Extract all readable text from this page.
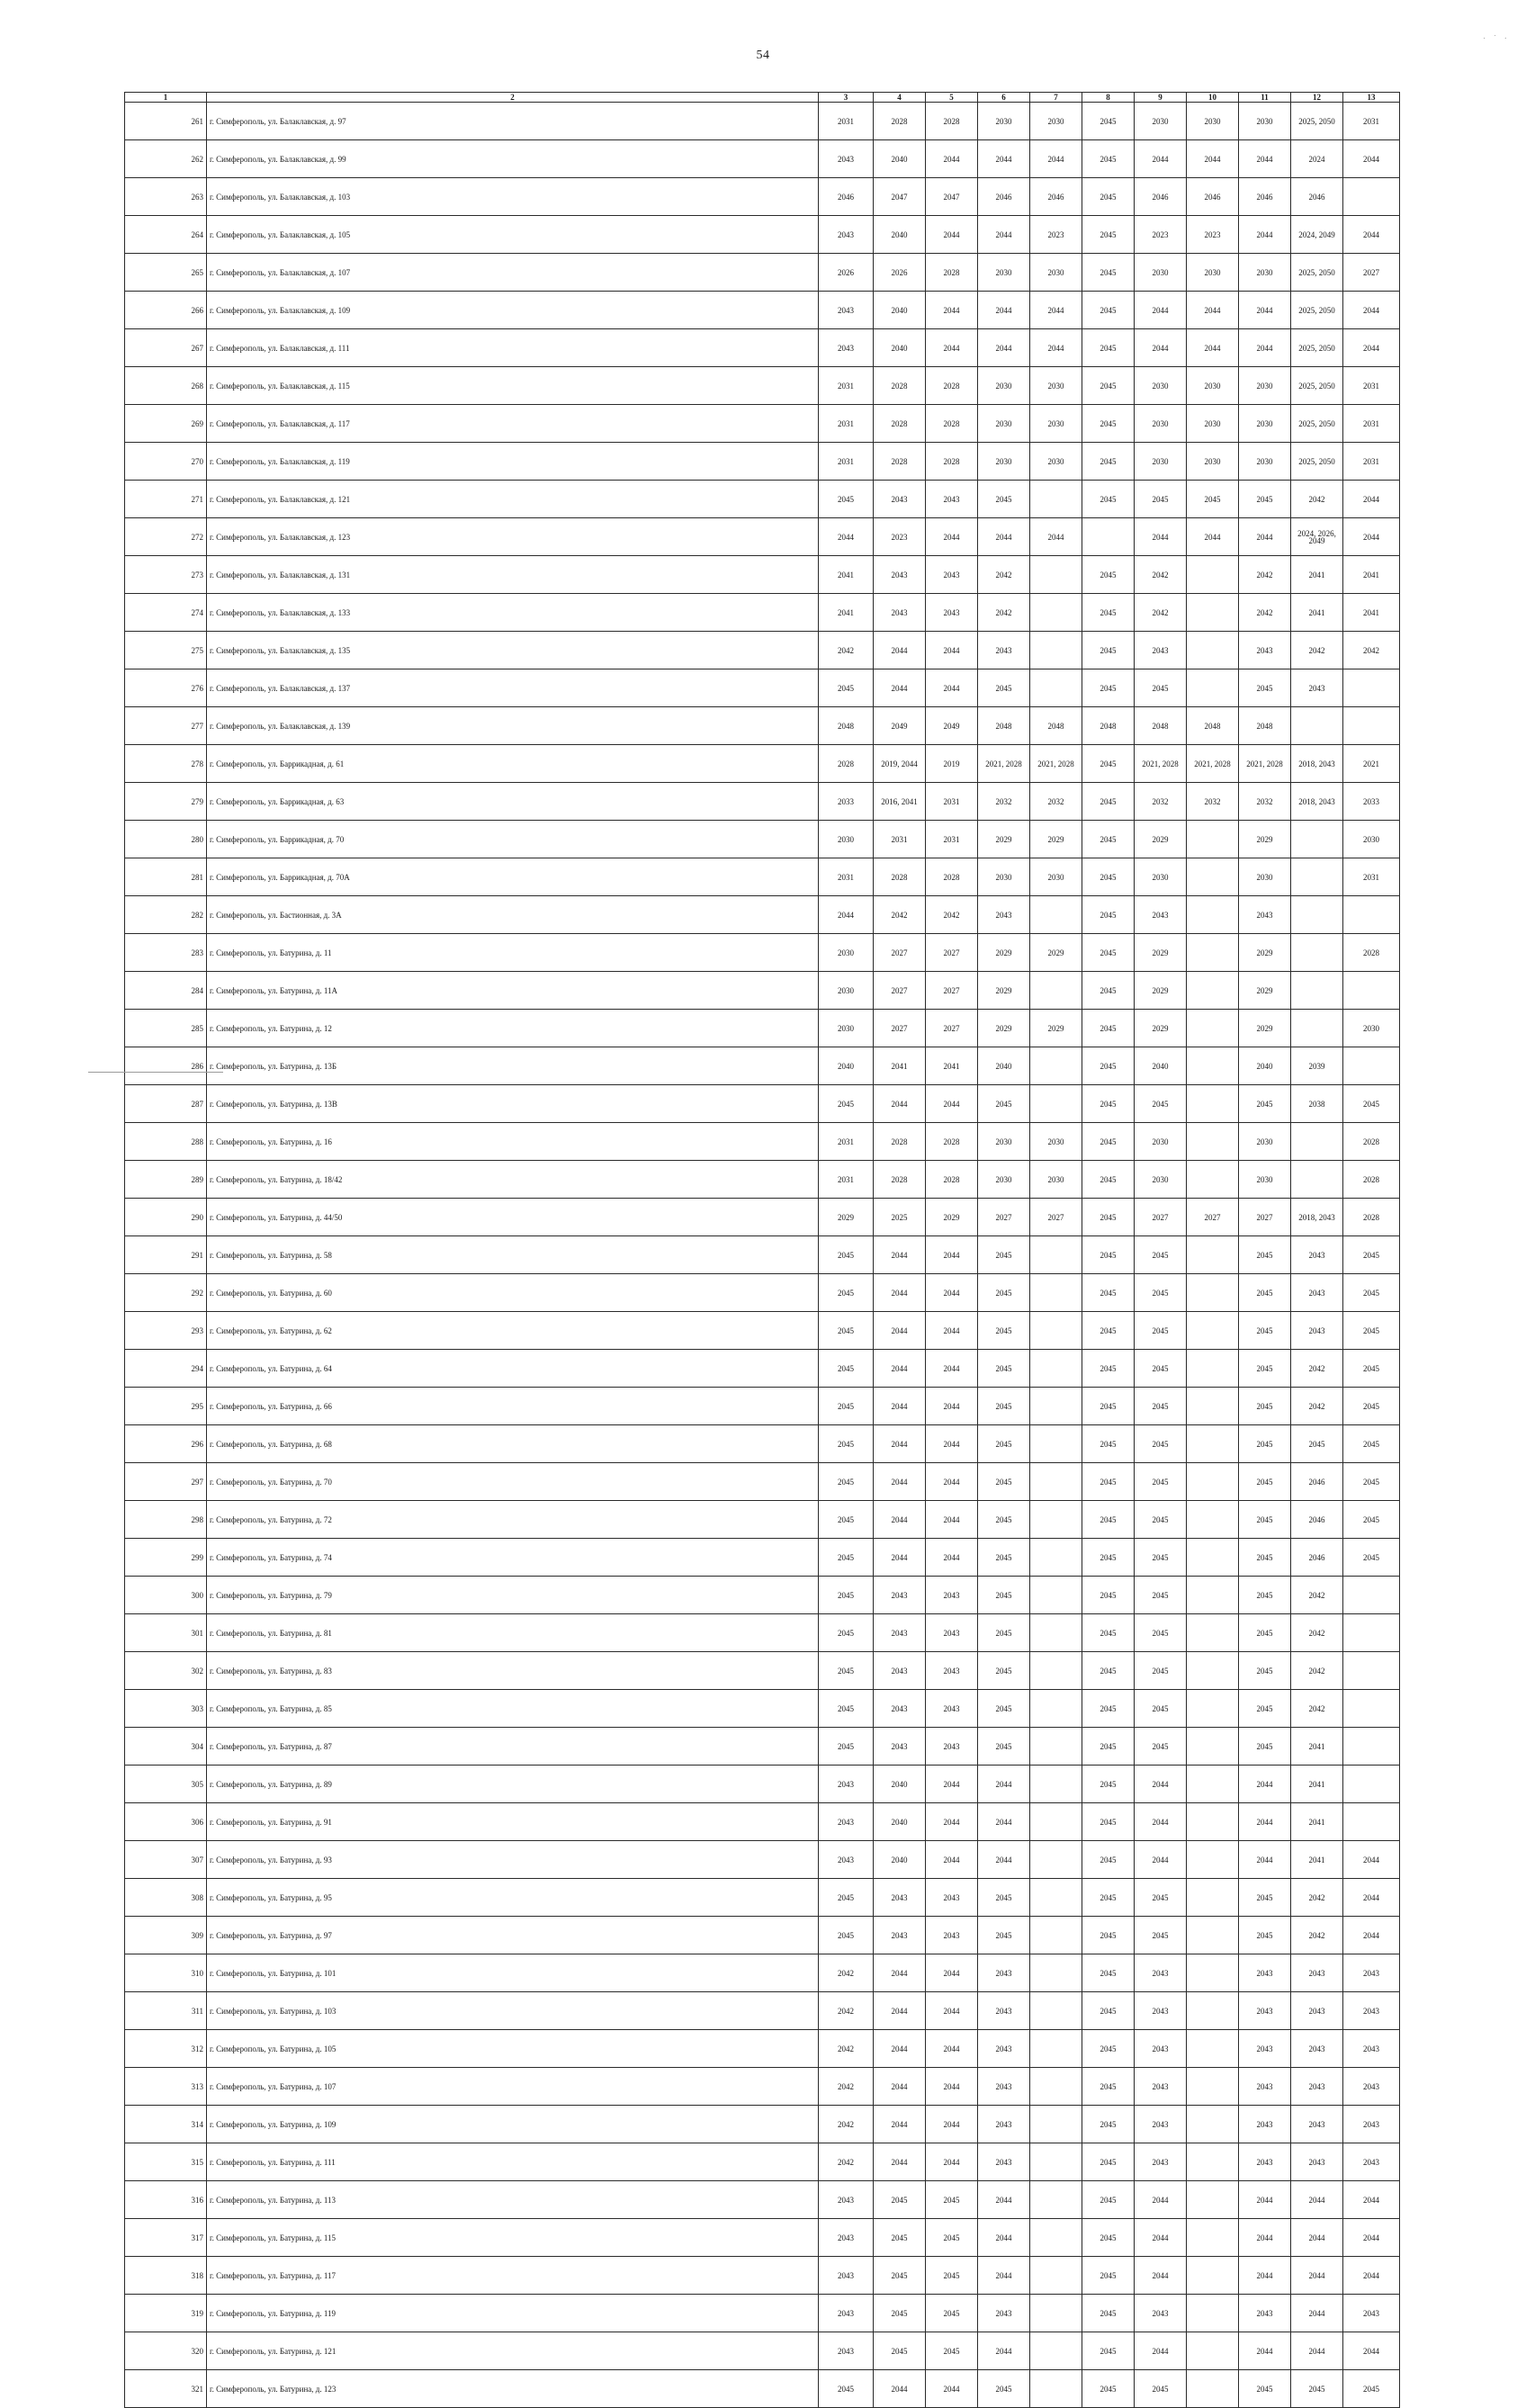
54
· ˙ ·
1	2	3	4	5	6	7	8	9	10	11	12	13
261	г. Симферополь, ул. Балаклавская, д. 97	2031	2028	2028	2030	2030	2045	2030	2030	2030	2025, 2050	2031
262	г. Симферополь, ул. Балаклавская, д. 99	2043	2040	2044	2044	2044	2045	2044	2044	2044	2024	2044
263	г. Симферополь, ул. Балаклавская, д. 103	2046	2047	2047	2046	2046	2045	2046	2046	2046	2046	
264	г. Симферополь, ул. Балаклавская, д. 105	2043	2040	2044	2044	2023	2045	2023	2023	2044	2024, 2049	2044
265	г. Симферополь, ул. Балаклавская, д. 107	2026	2026	2028	2030	2030	2045	2030	2030	2030	2025, 2050	2027
266	г. Симферополь, ул. Балаклавская, д. 109	2043	2040	2044	2044	2044	2045	2044	2044	2044	2025, 2050	2044
267	г. Симферополь, ул. Балаклавская, д. 111	2043	2040	2044	2044	2044	2045	2044	2044	2044	2025, 2050	2044
268	г. Симферополь, ул. Балаклавская, д. 115	2031	2028	2028	2030	2030	2045	2030	2030	2030	2025, 2050	2031
269	г. Симферополь, ул. Балаклавская, д. 117	2031	2028	2028	2030	2030	2045	2030	2030	2030	2025, 2050	2031
270	г. Симферополь, ул. Балаклавская, д. 119	2031	2028	2028	2030	2030	2045	2030	2030	2030	2025, 2050	2031
271	г. Симферополь, ул. Балаклавская, д. 121	2045	2043	2043	2045		2045	2045	2045	2045	2042	2044
272	г. Симферополь, ул. Балаклавская, д. 123	2044	2023	2044	2044	2044		2044	2044	2044	2024, 2026, 2049	2044
273	г. Симферополь, ул. Балаклавская, д. 131	2041	2043	2043	2042		2045	2042		2042	2041	2041
274	г. Симферополь, ул. Балаклавская, д. 133	2041	2043	2043	2042		2045	2042		2042	2041	2041
275	г. Симферополь, ул. Балаклавская, д. 135	2042	2044	2044	2043		2045	2043		2043	2042	2042
276	г. Симферополь, ул. Балаклавская, д. 137	2045	2044	2044	2045		2045	2045		2045	2043	
277	г. Симферополь, ул. Балаклавская, д. 139	2048	2049	2049	2048	2048	2048	2048	2048	2048		
278	г. Симферополь, ул. Баррикадная, д. 61	2028	2019, 2044	2019	2021, 2028	2021, 2028	2045	2021, 2028	2021, 2028	2021, 2028	2018, 2043	2021
279	г. Симферополь, ул. Баррикадная, д. 63	2033	2016, 2041	2031	2032	2032	2045	2032	2032	2032	2018, 2043	2033
280	г. Симферополь, ул. Баррикадная, д. 70	2030	2031	2031	2029	2029	2045	2029		2029		2030
281	г. Симферополь, ул. Баррикадная, д. 70А	2031	2028	2028	2030	2030	2045	2030		2030		2031
282	г. Симферополь, ул. Бастионная, д. 3А	2044	2042	2042	2043		2045	2043		2043		
283	г. Симферополь, ул. Батурина, д. 11	2030	2027	2027	2029	2029	2045	2029		2029		2028
284	г. Симферополь, ул. Батурина, д. 11А	2030	2027	2027	2029		2045	2029		2029		
285	г. Симферополь, ул. Батурина, д. 12	2030	2027	2027	2029	2029	2045	2029		2029		2030
286	г. Симферополь, ул. Батурина, д. 13Б	2040	2041	2041	2040		2045	2040		2040	2039	
287	г. Симферополь, ул. Батурина, д. 13В	2045	2044	2044	2045		2045	2045		2045	2038	2045
288	г. Симферополь, ул. Батурина, д. 16	2031	2028	2028	2030	2030	2045	2030		2030		2028
289	г. Симферополь, ул. Батурина, д. 18/42	2031	2028	2028	2030	2030	2045	2030		2030		2028
290	г. Симферополь, ул. Батурина, д. 44/50	2029	2025	2029	2027	2027	2045	2027	2027	2027	2018, 2043	2028
291	г. Симферополь, ул. Батурина, д. 58	2045	2044	2044	2045		2045	2045		2045	2043	2045
292	г. Симферополь, ул. Батурина, д. 60	2045	2044	2044	2045		2045	2045		2045	2043	2045
293	г. Симферополь, ул. Батурина, д. 62	2045	2044	2044	2045		2045	2045		2045	2043	2045
294	г. Симферополь, ул. Батурина, д. 64	2045	2044	2044	2045		2045	2045		2045	2042	2045
295	г. Симферополь, ул. Батурина, д. 66	2045	2044	2044	2045		2045	2045		2045	2042	2045
296	г. Симферополь, ул. Батурина, д. 68	2045	2044	2044	2045		2045	2045		2045	2045	2045
297	г. Симферополь, ул. Батурина, д. 70	2045	2044	2044	2045		2045	2045		2045	2046	2045
298	г. Симферополь, ул. Батурина, д. 72	2045	2044	2044	2045		2045	2045		2045	2046	2045
299	г. Симферополь, ул. Батурина, д. 74	2045	2044	2044	2045		2045	2045		2045	2046	2045
300	г. Симферополь, ул. Батурина, д. 79	2045	2043	2043	2045		2045	2045		2045	2042	
301	г. Симферополь, ул. Батурина, д. 81	2045	2043	2043	2045		2045	2045		2045	2042	
302	г. Симферополь, ул. Батурина, д. 83	2045	2043	2043	2045		2045	2045		2045	2042	
303	г. Симферополь, ул. Батурина, д. 85	2045	2043	2043	2045		2045	2045		2045	2042	
304	г. Симферополь, ул. Батурина, д. 87	2045	2043	2043	2045		2045	2045		2045	2041	
305	г. Симферополь, ул. Батурина, д. 89	2043	2040	2044	2044		2045	2044		2044	2041	
306	г. Симферополь, ул. Батурина, д. 91	2043	2040	2044	2044		2045	2044		2044	2041	
307	г. Симферополь, ул. Батурина, д. 93	2043	2040	2044	2044		2045	2044		2044	2041	2044
308	г. Симферополь, ул. Батурина, д. 95	2045	2043	2043	2045		2045	2045		2045	2042	2044
309	г. Симферополь, ул. Батурина, д. 97	2045	2043	2043	2045		2045	2045		2045	2042	2044
310	г. Симферополь, ул. Батурина, д. 101	2042	2044	2044	2043		2045	2043		2043	2043	2043
311	г. Симферополь, ул. Батурина, д. 103	2042	2044	2044	2043		2045	2043		2043	2043	2043
312	г. Симферополь, ул. Батурина, д. 105	2042	2044	2044	2043		2045	2043		2043	2043	2043
313	г. Симферополь, ул. Батурина, д. 107	2042	2044	2044	2043		2045	2043		2043	2043	2043
314	г. Симферополь, ул. Батурина, д. 109	2042	2044	2044	2043		2045	2043		2043	2043	2043
315	г. Симферополь, ул. Батурина, д. 111	2042	2044	2044	2043		2045	2043		2043	2043	2043
316	г. Симферополь, ул. Батурина, д. 113	2043	2045	2045	2044		2045	2044		2044	2044	2044
317	г. Симферополь, ул. Батурина, д. 115	2043	2045	2045	2044		2045	2044		2044	2044	2044
318	г. Симферополь, ул. Батурина, д. 117	2043	2045	2045	2044		2045	2044		2044	2044	2044
319	г. Симферополь, ул. Батурина, д. 119	2043	2045	2045	2043		2045	2043		2043	2044	2043
320	г. Симферополь, ул. Батурина, д. 121	2043	2045	2045	2044		2045	2044		2044	2044	2044
321	г. Симферополь, ул. Батурина, д. 123	2045	2044	2044	2045		2045	2045		2045	2045	2045
